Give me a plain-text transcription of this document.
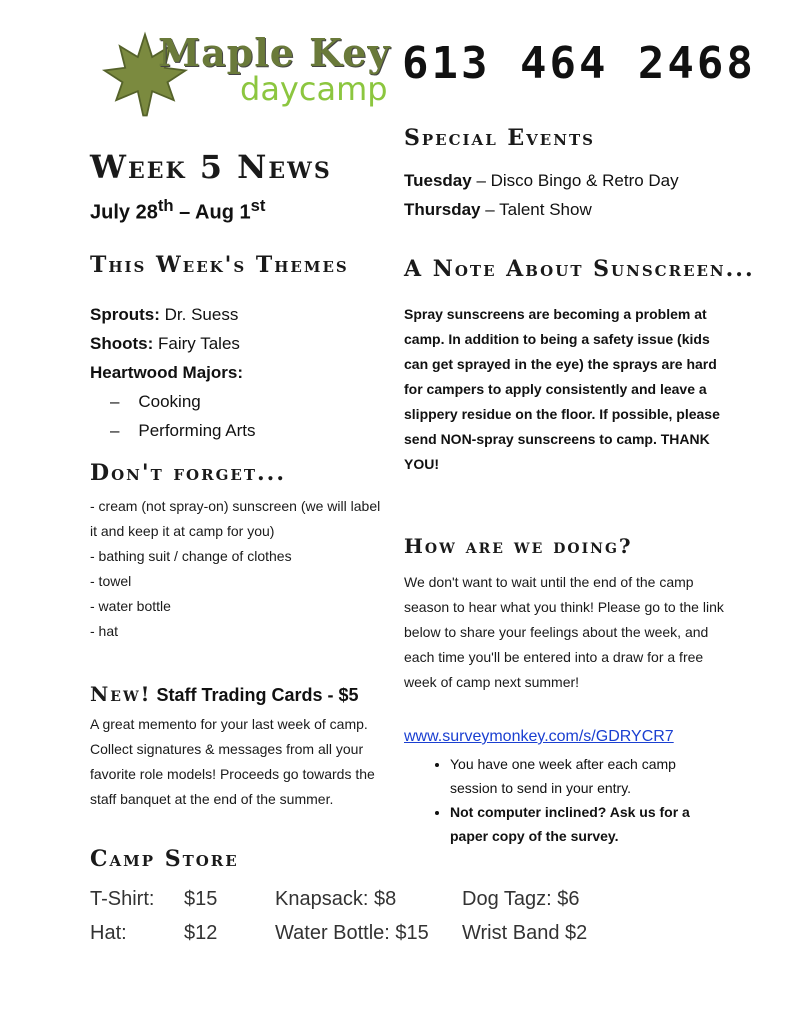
Maple Key
daycamp 613 464 2468
Week 5 News
July 28th – Aug 1st
This Week's Themes
Sprouts: Dr. Suess
Shoots: Fairy Tales
Heartwood Majors:
–    Cooking
–    Performing Arts
Don't forget...
- cream (not spray-on) sunscreen (we will label
it and keep it at camp for you)
- bathing suit / change of clothes
- towel
- water bottle
- hat
New! Staff Trading Cards - $5
A great memento for your last week of camp.
Collect signatures & messages from all your
favorite role models! Proceeds go towards the
staff banquet at the end of the summer.
Camp Store
T-Shirt: $15	Knapsack: $8	Dog Tagz: $6
Hat:	$12	Water Bottle: $15 Wrist Band $2
Special Events
Tuesday – Disco Bingo & Retro Day
Thursday – Talent Show
A Note About Sunscreen...
Spray sunscreens are becoming a problem at
camp. In addition to being a safety issue (kids
can get sprayed in the eye) the sprays are hard
for campers to apply consistently and leave a
slippery residue on the floor. If possible, please
send NON-spray sunscreens to camp. THANK
YOU!
How are we doing?
We don't want to wait until the end of the camp
season to hear what you think! Please go to the link
below to share your feelings about the week, and
each time you'll be entered into a draw for a free
week of camp next summer!
www.surveymonkey.com/s/GDRYCR7
• You have one week after each camp session to send in your entry.
• Not computer inclined? Ask us for a paper copy of the survey.
